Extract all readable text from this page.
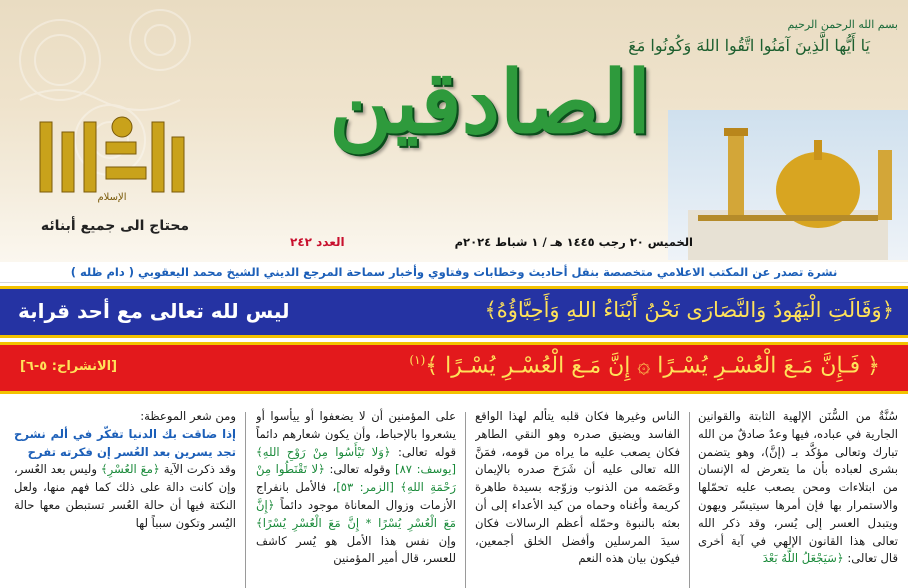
بسم الله الرحمن الرحيم
يَا أَيُّها الَّذِينَ آمَنُوا اتَّقُوا اللهَ وَكُونُوا مَعَ
الصادقين
الإسلام
محتاج الى جميع أبنائه
الخميس ٢٠ رجب ١٤٤٥ هـ / ١ شباط ٢٠٢٤م
العدد ٢٤٢
نشرة تصدر عن المكتب الاعلامي متخصصة بنقل أحاديث وخطابات وفتاوي وأخبار سماحة المرجع الديني الشيخ محمد اليعقوبي ( دام ظله )
﴿وَقَالَتِ الْيَهُودُ وَالنَّصَارَى نَحْنُ أَبْنَاءُ اللهِ وَأَحِبَّاؤُهُ﴾
ليس لله تعالى مع أحد قرابة
﴿ فَـإِنَّ مَـعَ الْعُسْـرِ يُسْـرًا ۞ إِنَّ مَـعَ الْعُسْـرِ يُسْـرًا ﴾$^{(١)}$
[الانشراح: ٥-٦]

سُنَّةٌ من السُّنَن الإلهية الثابتة والقوانين الجارية في عباده، فيها وعدٌ صادقٌ من الله تبارك وتعالى مؤكَّد بـ (إنَّ)، وهو يتضمن بشرى لعباده بأن ما يتعرض له الإنسان من ابتلاءات ومحن يصعب عليه تحمّلها والاستمرار بها فإن أمرها سيتيسّر ويهون ويتبدل العسر إلى يُسر، وقد ذكر الله تعالى هذا القانون الإلهي في آية أخرى قال تعالى: ﴿سَيَجْعَلُ اللَّهُ بَعْدَ

الناس وغيرها فكان قلبه يتألم لهذا الواقع الفاسد ويضيق صدره وهو النقي الطاهر فكان يصعب عليه ما يراه من قومه، فمَنَّ الله تعالى عليه أن شَرَحَ صدره بالإيمان وعَصَمه من الذنوب وزوّجه بسيدة طاهرة كريمة وأغناه وحماه من كيد الأعداء إلى أن بعثه بالنبوة وحمّله أعظم الرسالات فكان سيدَ المرسلين وأفضل الخلق أجمعين، فيكون بيان هذه النعم

على المؤمنين أن لا يضعفوا أو ييأسوا أو يشعروا بالإحباط، وأن يكون شعارهم دائماً قوله تعالى: ﴿وَلا تَيْأَسُوا مِنْ رَوْحِ اللهِ﴾ [يوسف: ٨٧] وقوله تعالى: ﴿لا تَقْنَطُوا مِنْ رَحْمَةِ اللهِ﴾ [الزمر: ٥٣]، فالأمل بانفراج الأزمات وزوال المعاناة موجود دائماً ﴿إِنَّ مَعَ الْعُسْرِ يُسْرًا * إِنَّ مَعَ الْعُسْرِ يُسْرًا﴾ وإن نفس هذا الأمل هو يُسر كاشف للعسر، قال أمير المؤمنين

ومن شعر الموعظة:

إذا ضاقت بك الدنيا تفكّر في ألم نشرح تجد يسرين بعد العُسر إن فكرته تفرح

وقد ذكرت الآية ﴿معَ العُسْرِ﴾ وليس بعد العُسر، وإن كانت دالة على ذلك كما فهم منها، ولعل النكتة فيها أن حالة العُسر تستبطن معها حالة اليُسر وتكون سبباً لها
